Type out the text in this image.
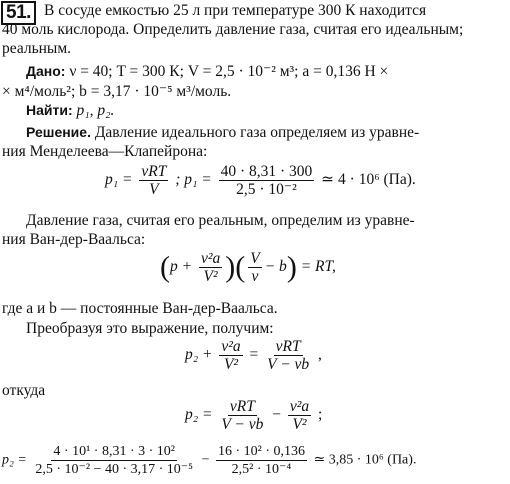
51. В сосуде емкостью 25 л при температуре 300 К находится
40 моль кислорода. Определить давление газа, считая его идеальным;
реальным.
Дано: ν = 40; T = 300 К; V = 2,5 · 10⁻² м³; a = 0,136 Н ×
× м⁴/моль²; b = 3,17 · 10⁻⁵ м³/моль.
Найти: p₁, p₂.
Решение. Давление идеального газа определяем из уравне-
ния Менделеева—Клапейрона:
$p_1 = \frac{\text{νRT}}{V}$ ; $p_1 = \frac{40 \cdot 8,31 \cdot 300}{\text{2,5 · 10⁻²}}$ ≃ 4 · 10⁶ (Па).
Давление газа, считая его реальным, определим из уравне-
ния Ван-дер-Ваальса:
($p + \frac{\text{ν²a}}{\text{V²}}$ )( $\frac{V}{\nu} - b$) = RT,
где a и b — постоянные Ван-дер-Ваальса.
Преобразуя это выражение, получим:
$p_2 + \frac{\text{ν²a}}{\text{V²}} = \frac{\text{νRT}}{V - \nu b}$ ,
откуда
$p_2 = \frac{\text{νRT}}{V - \nu b} - \frac{\text{ν²a}}{\text{V²}}$ ;
$p_2 = \frac{\text{4 · 10¹ · 8,31 · 3 · 10²}}{\text{2,5 · 10⁻² − 40 · 3,17 · 10⁻⁵}} - \frac{\text{16 · 10² · 0,136}}{\text{2,5² · 10⁻⁴}}$ ≃ 3,85 · 10⁶ (Па).
